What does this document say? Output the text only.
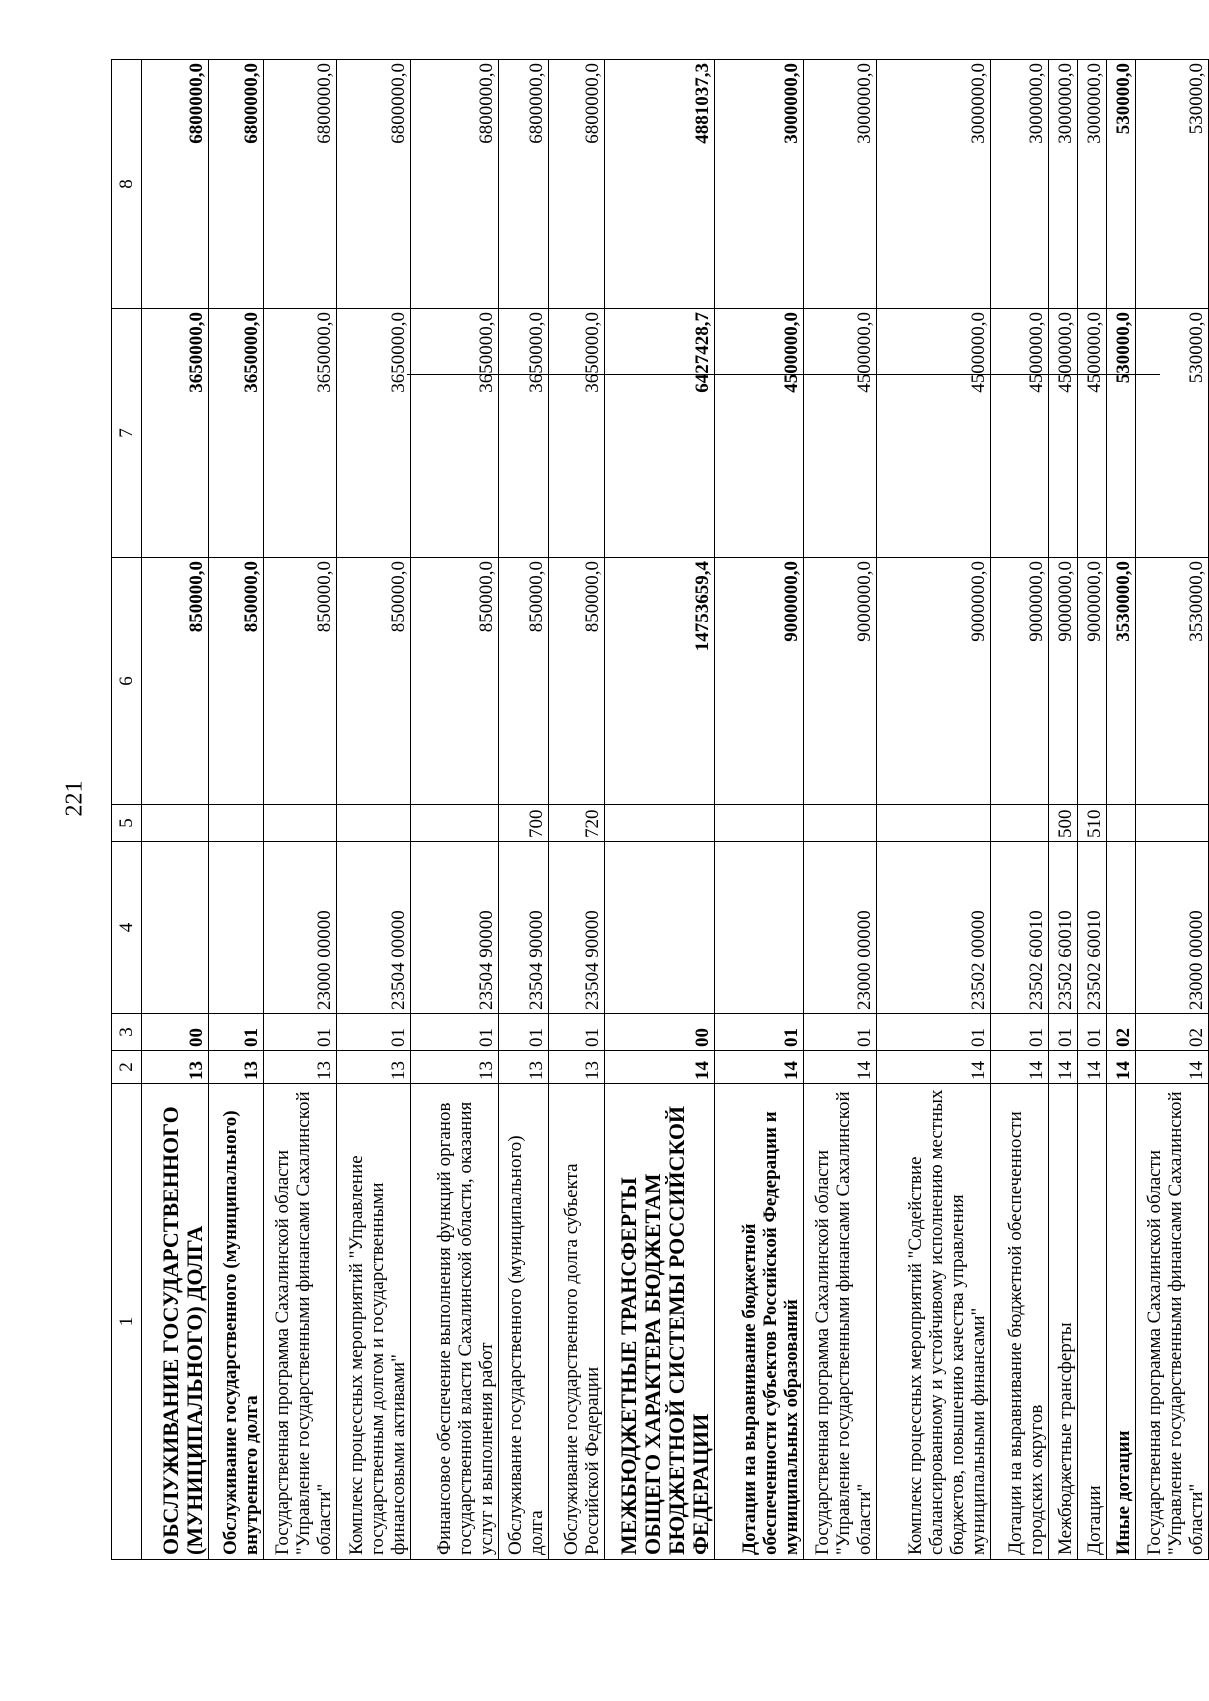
221
1	2	3	4	5	6	7	8
ОБСЛУЖИВАНИЕ ГОСУДАРСТВЕННОГО (МУНИЦИПАЛЬНОГО) ДОЛГА	13	00			850000,0	3650000,0	6800000,0
Обслуживание государственного (муниципального) внутреннего долга	13	01			850000,0	3650000,0	6800000,0
Государственная программа Сахалинской области "Управление государственными финансами Сахалинской области"	13	01	23000 00000		850000,0	3650000,0	6800000,0
Комплекс процессных мероприятий "Управление государственным долгом и государственными финансовыми активами"	13	01	23504 00000		850000,0	3650000,0	6800000,0
Финансовое обеспечение выполнения функций органов государственной власти Сахалинской области, оказания услуг и выполнения работ	13	01	23504 90000		850000,0	3650000,0	6800000,0
Обслуживание государственного (муниципального) долга	13	01	23504 90000	700	850000,0	3650000,0	6800000,0
Обслуживание государственного долга субъекта Российской Федерации	13	01	23504 90000	720	850000,0	3650000,0	6800000,0
МЕЖБЮДЖЕТНЫЕ ТРАНСФЕРТЫ ОБЩЕГО ХАРАКТЕРА БЮДЖЕТАМ БЮДЖЕТНОЙ СИСТЕМЫ РОССИЙСКОЙ ФЕДЕРАЦИИ	14	00			14753659,4	6427428,7	4881037,3
Дотации на выравнивание бюджетной обеспеченности субъектов Российской Федерации и муниципальных образований	14	01			9000000,0	4500000,0	3000000,0
Государственная программа Сахалинской области "Управление государственными финансами Сахалинской области"	14	01	23000 00000		9000000,0	4500000,0	3000000,0
Комплекс процессных мероприятий "Содействие сбалансированному и устойчивому исполнению местных бюджетов, повышению качества управления муниципальными финансами"	14	01	23502 00000		9000000,0	4500000,0	3000000,0
Дотации на выравнивание бюджетной обеспеченности городских округов	14	01	23502 60010		9000000,0	4500000,0	3000000,0
Межбюджетные трансферты	14	01	23502 60010	500	9000000,0	4500000,0	3000000,0
Дотации	14	01	23502 60010	510	9000000,0	4500000,0	3000000,0
Иные дотации	14	02			3530000,0	530000,0	530000,0
Государственная программа Сахалинской области "Управление государственными финансами Сахалинской области"	14	02	23000 00000		3530000,0	530000,0	530000,0
